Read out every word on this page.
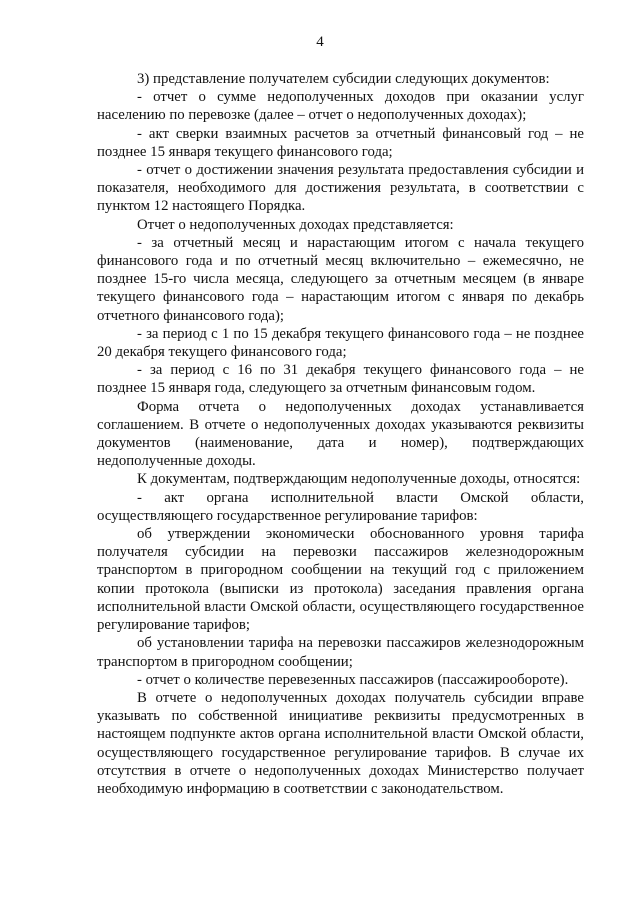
4

3) представление получателем субсидии следующих документов:

- отчет о сумме недополученных доходов при оказании услуг населению по перевозке (далее – отчет о недополученных доходах);

- акт сверки взаимных расчетов за отчетный финансовый год – не позднее 15 января текущего финансового года;

- отчет о достижении значения результата предоставления субсидии и показателя, необходимого для достижения результата, в соответствии с пунктом 12 настоящего Порядка.

Отчет о недополученных доходах представляется:

- за отчетный месяц и нарастающим итогом с начала текущего финансового года и по отчетный месяц включительно – ежемесячно, не позднее 15-го числа месяца, следующего за отчетным месяцем (в январе текущего финансового года – нарастающим итогом с января по декабрь отчетного финансового года);

- за период с 1 по 15 декабря текущего финансового года – не позднее 20 декабря текущего финансового года;

- за период с 16 по 31 декабря текущего финансового года – не позднее 15 января года, следующего за отчетным финансовым годом.

Форма отчета о недополученных доходах устанавливается соглашением. В отчете о недополученных доходах указываются реквизиты документов (наименование, дата и номер), подтверждающих недополученные доходы.

К документам, подтверждающим недополученные доходы, относятся:

- акт органа исполнительной власти Омской области, осуществляющего государственное регулирование тарифов:

об утверждении экономически обоснованного уровня тарифа получателя субсидии на перевозки пассажиров железнодорожным транспортом в пригородном сообщении на текущий год с приложением копии протокола (выписки из протокола) заседания правления органа исполнительной власти Омской области, осуществляющего государственное регулирование тарифов;

об установлении тарифа на перевозки пассажиров железнодорожным транспортом в пригородном сообщении;

- отчет о количестве перевезенных пассажиров (пассажирообороте).

В отчете о недополученных доходах получатель субсидии вправе указывать по собственной инициативе реквизиты предусмотренных в настоящем подпункте актов органа исполнительной власти Омской области, осуществляющего государственное регулирование тарифов. В случае их отсутствия в отчете о недополученных доходах Министерство получает необходимую информацию в соответствии с законодательством.
